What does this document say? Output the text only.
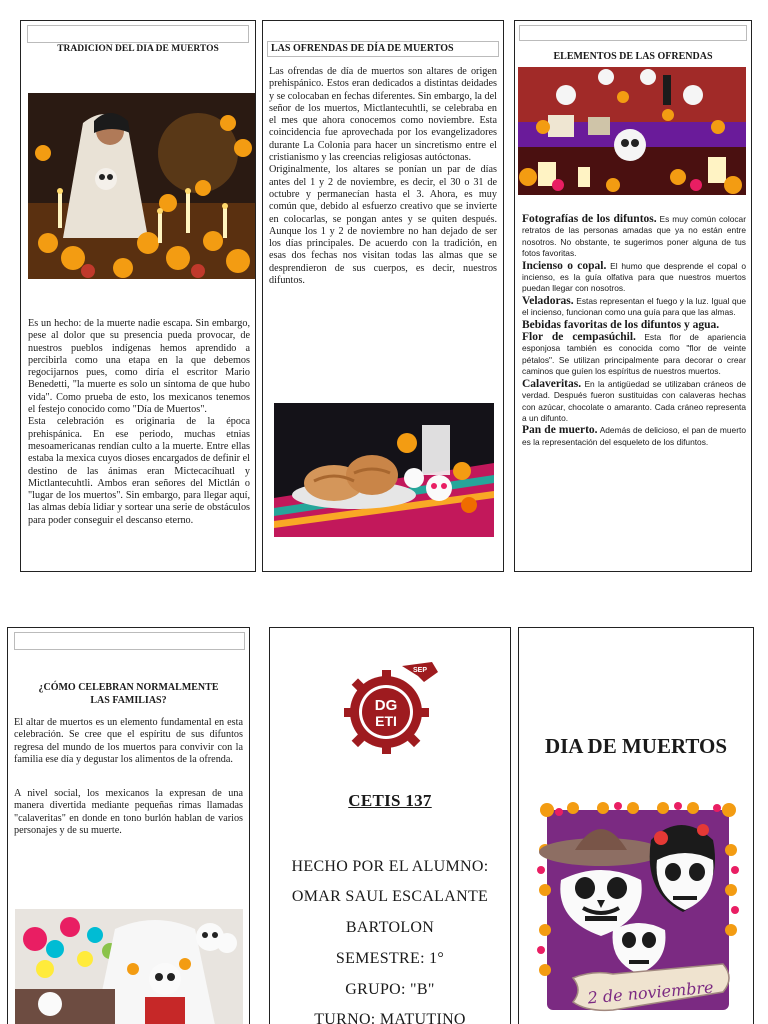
TRADICION DEL DIA DE MUERTOS

Es un hecho: de la muerte nadie escapa. Sin embargo, pese al dolor que su presencia pueda provocar, de nuestros pueblos indígenas hemos aprendido a percibirla como una etapa en la que debemos regocijarnos pues, como diría el escritor Mario Benedetti, "la muerte es solo un síntoma de que hubo vida". Como prueba de esto, los mexicanos tenemos el festejo conocido como "Día de Muertos".

Esta celebración es originaria de la época prehispánica. En ese periodo, muchas etnias mesoamericanas rendían culto a la muerte. Entre ellas estaba la mexica cuyos dioses encargados de definir el destino de las ánimas eran Mictecacíhuatl y Mictlantecuhtli. Ambos eran señores del Mictlán o "lugar de los muertos". Sin embargo, para llegar aquí, las almas debía lidiar y sortear una serie de obstáculos para poder conseguir el descanso eterno.

LAS OFRENDAS DE DÍA DE MUERTOS

Las ofrendas de día de muertos son altares de origen prehispánico. Estos eran dedicados a distintas deidades y se colocaban en fechas diferentes. Sin embargo, la del señor de los muertos, Mictlantecuhtli, se celebraba en el mes que ahora conocemos como noviembre. Esta coincidencia fue aprovechada por los evangelizadores durante La Colonia para hacer un sincretismo entre el cristianismo y las creencias religiosas autóctonas.

Originalmente, los altares se ponían un par de días antes del 1 y 2 de noviembre, es decir, el 30 o 31 de octubre y permanecían hasta el 3. Ahora, es muy común que, debido al esfuerzo creativo que se invierte en colocarlas, se pongan antes y se quiten después. Aunque los 1 y 2 de noviembre no han dejado de ser los días principales. De acuerdo con la tradición, en esas dos fechas nos visitan todas las almas que se desprendieron de sus cuerpos, es decir, nuestros difuntos.

ELEMENTOS DE LAS OFRENDAS
Fotografías de los difuntos. Es muy común colocar retratos de las personas amadas que ya no están entre nosotros. No obstante, te sugerimos poner alguna de tus fotos favoritas.
Incienso o copal. El humo que desprende el copal o incienso, es la guía olfativa para que nuestros muertos puedan llegar con nosotros.
Veladoras. Estas representan el fuego y la luz. Igual que el incienso, funcionan como una guía para que las almas.
Bebidas favoritas de los difuntos y agua.
Flor de cempasúchil. Esta flor de apariencia esponjosa también es conocida como "flor de veinte pétalos". Se utilizan principalmente para decorar o crear caminos que guíen los espíritus de nuestros muertos.
Calaveritas. En la antigüedad se utilizaban cráneos de verdad. Después fueron sustituidas con calaveras hechas con azúcar, chocolate o amaranto. Cada cráneo representa a un difunto.
Pan de muerto. Además de delicioso, el pan de muerto es la representación del esqueleto de los difuntos.
¿CÓMO CELEBRAN NORMALMENTE LAS FAMILIAS?

El altar de muertos es un elemento fundamental en esta celebración. Se cree que el espíritu de sus difuntos regresa del mundo de los muertos para convivir con la familia ese día y degustar los alimentos de la ofrenda.

A nivel social, los mexicanos la expresan de una manera divertida mediante pequeñas rimas llamadas "calaveritas" en donde en tono burlón hablan de varios personajes y de su muerte.

DG
ETI
SEP
CETIS 137
HECHO POR EL ALUMNO:
OMAR SAUL ESCALANTE
BARTOLON
SEMESTRE: 1°
GRUPO: "B"
TURNO: MATUTINO
DIA DE MUERTOS
2 de noviembre
